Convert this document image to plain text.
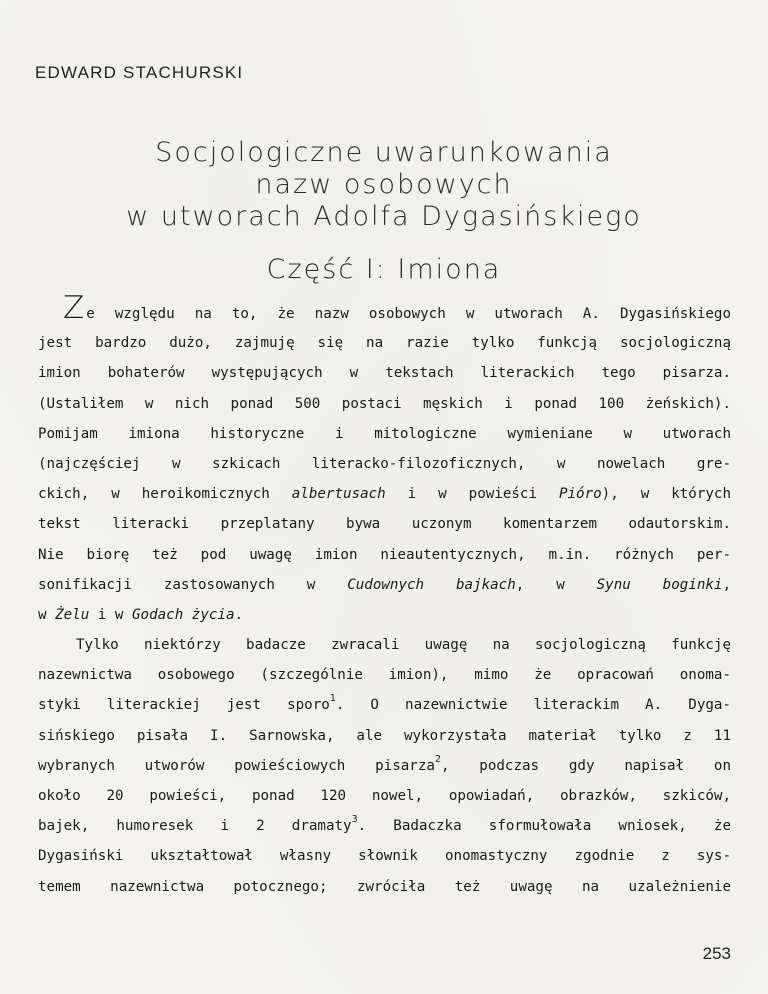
EDWARD STACHURSKI
Socjologiczne uwarunkowania
nazw osobowych
w utworach Adolfa Dygasińskiego
Część I: Imiona
Z e względu na to, że nazw osobowych w utworach A. Dygasińskiego
jest bardzo dużo, zajmuję się na razie tylko funkcją socjologiczną
imion bohaterów występujących w tekstach literackich tego pisarza.
(Ustaliłem w nich ponad 500 postaci męskich i ponad 100 żeńskich).
Pomijam imiona historyczne i mitologiczne wymieniane w utworach
(najczęściej w szkicach literacko-filozoficznych, w nowelach gre-
ckich, w heroikomicznych albertusach i w powieści Pióro), w których
tekst literacki przeplatany bywa uczonym komentarzem odautorskim.
Nie biorę też pod uwagę imion nieautentycznych, m.in. różnych per-
sonifikacji zastosowanych w Cudownych bajkach, w Synu boginki,
w Żelu i w Godach życia.
Tylko niektórzy badacze zwracali uwagę na socjologiczną funkcję
nazewnictwa osobowego (szczególnie imion), mimo że opracowań onoma-
styki literackiej jest sporo$^1$. O nazewnictwie literackim A. Dyga-
sińskiego pisała I. Sarnowska, ale wykorzystała materiał tylko z 11
wybranych utworów powieściowych pisarza$^2$, podczas gdy napisał on
około 20 powieści, ponad 120 nowel, opowiadań, obrazków, szkiców,
bajek, humoresek i 2 dramaty$^3$. Badaczka sformułowała wniosek, że
Dygasiński ukształtował własny słownik onomastyczny zgodnie z sys-
temem nazewnictwa potocznego; zwróciła też uwagę na uzależnienie
253
